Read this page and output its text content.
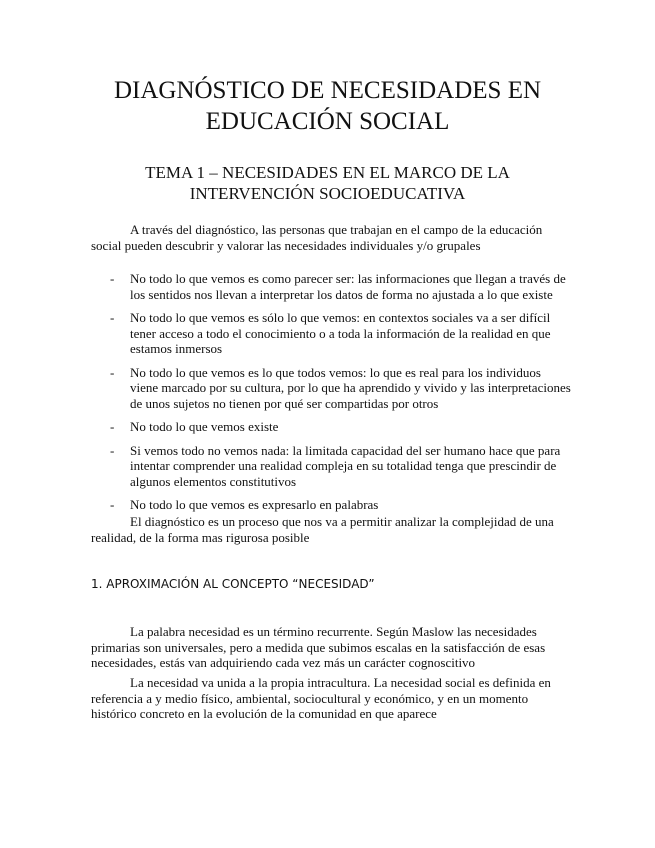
DIAGNÓSTICO DE NECESIDADES EN
EDUCACIÓN SOCIAL
TEMA 1 – NECESIDADES EN EL MARCO DE LA
INTERVENCIÓN SOCIOEDUCATIVA

A través del diagnóstico, las personas que trabajan en el campo de la educación social pueden descubrir y valorar las necesidades individuales y/o grupales

- No todo lo que vemos es como parecer ser: las informaciones que llegan a través de los sentidos nos llevan a interpretar los datos de forma no ajustada a lo que existe
- No todo lo que vemos es sólo lo que vemos: en contextos sociales va a ser difícil tener acceso a todo el conocimiento o a toda la información de la realidad en que estamos inmersos
- No todo lo que vemos es lo que todos vemos: lo que es real para los individuos viene marcado por su cultura, por lo que ha aprendido y vivido y las interpretaciones de unos sujetos no tienen por qué ser compartidas por otros
- No todo lo que vemos existe
- Si vemos todo no vemos nada: la limitada capacidad del ser humano hace que para intentar comprender una realidad compleja en su totalidad tenga que prescindir de algunos elementos constitutivos
- No todo lo que vemos es expresarlo en palabras

El diagnóstico es un proceso que nos va a permitir analizar la complejidad de una realidad, de la forma mas rigurosa posible

1. APROXIMACIÓN AL CONCEPTO “NECESIDAD”

La palabra necesidad es un término recurrente. Según Maslow las necesidades primarias son universales, pero a medida que subimos escalas en la satisfacción de esas necesidades, estás van adquiriendo cada vez más un carácter cognoscitivo

La necesidad va unida a la propia intracultura. La necesidad social es definida en referencia a y medio físico, ambiental, sociocultural y económico, y en un momento histórico concreto en la evolución de la comunidad en que aparece
